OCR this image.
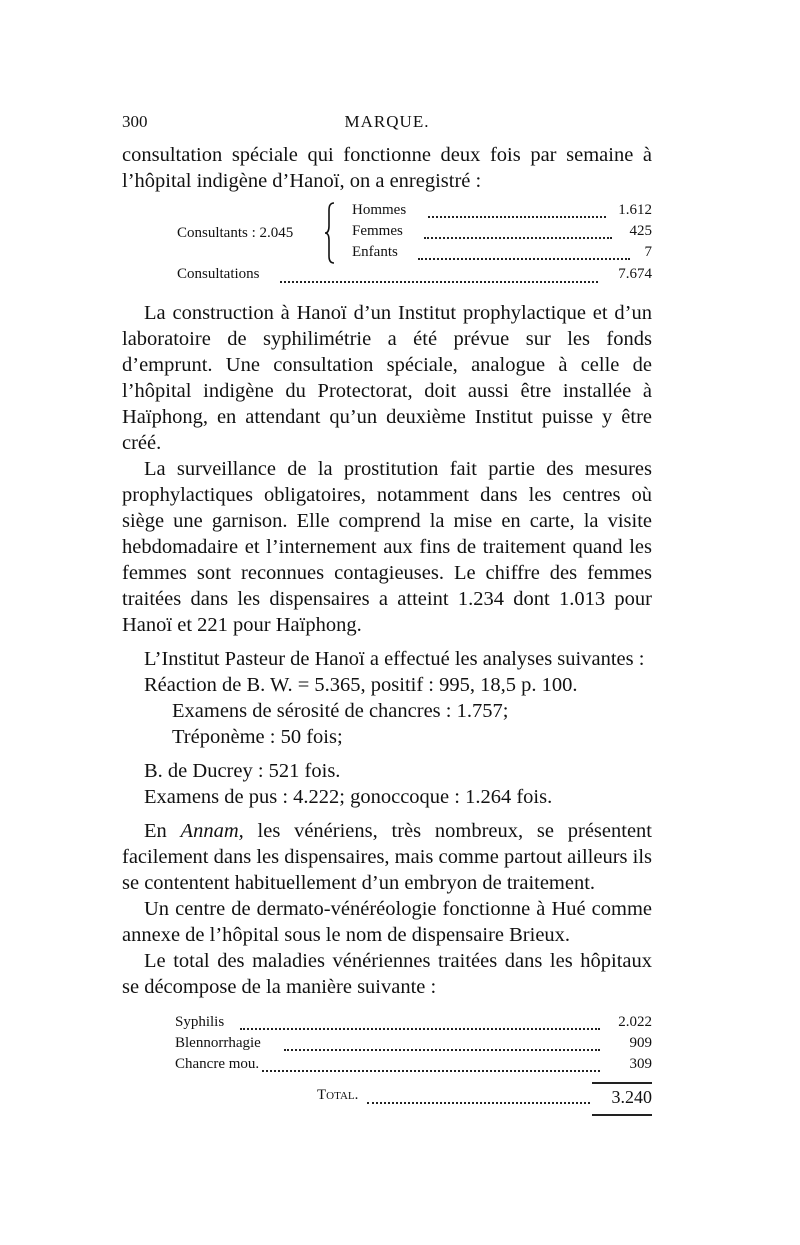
300	MARQUE.

consultation spéciale qui fonctionne deux fois par semaine à l’hôpital indigène d’Hanoï, on a enregistré :

Consultants : 2.045
Hommes	1.612
Femmes	425
Enfants	7
Consultations	7.674

La construction à Hanoï d’un Institut prophylactique et d’un laboratoire de syphilimétrie a été prévue sur les fonds d’emprunt. Une consultation spéciale, analogue à celle de l’hôpital indigène du Protectorat, doit aussi être installée à Haïphong, en attendant qu’un deuxième Institut puisse y être créé.

La surveillance de la prostitution fait partie des mesures prophylactiques obligatoires, notamment dans les centres où siège une garnison. Elle comprend la mise en carte, la visite hebdomadaire et l’internement aux fins de traitement quand les femmes sont reconnues contagieuses. Le chiffre des femmes traitées dans les dispensaires a atteint 1.234 dont 1.013 pour Hanoï et 221 pour Haïphong.

L’Institut Pasteur de Hanoï a effectué les analyses suivantes :
Réaction de B. W. = 5.365, positif : 995, 18,5 p. 100.
Examens de sérosité de chancres : 1.757;
Tréponème : 50 fois;
B. de Ducrey : 521 fois.
Examens de pus : 4.222; gonoccoque : 1.264 fois.

En Annam, les vénériens, très nombreux, se présentent facilement dans les dispensaires, mais comme partout ailleurs ils se contentent habituellement d’un embryon de traitement.

Un centre de dermato-vénéréologie fonctionne à Hué comme annexe de l’hôpital sous le nom de dispensaire Brieux.

Le total des maladies vénériennes traitées dans les hôpitaux se décompose de la manière suivante :

Syphilis	2.022
Blennorrhagie	909
Chancre mou.	309
Total.	3.240
